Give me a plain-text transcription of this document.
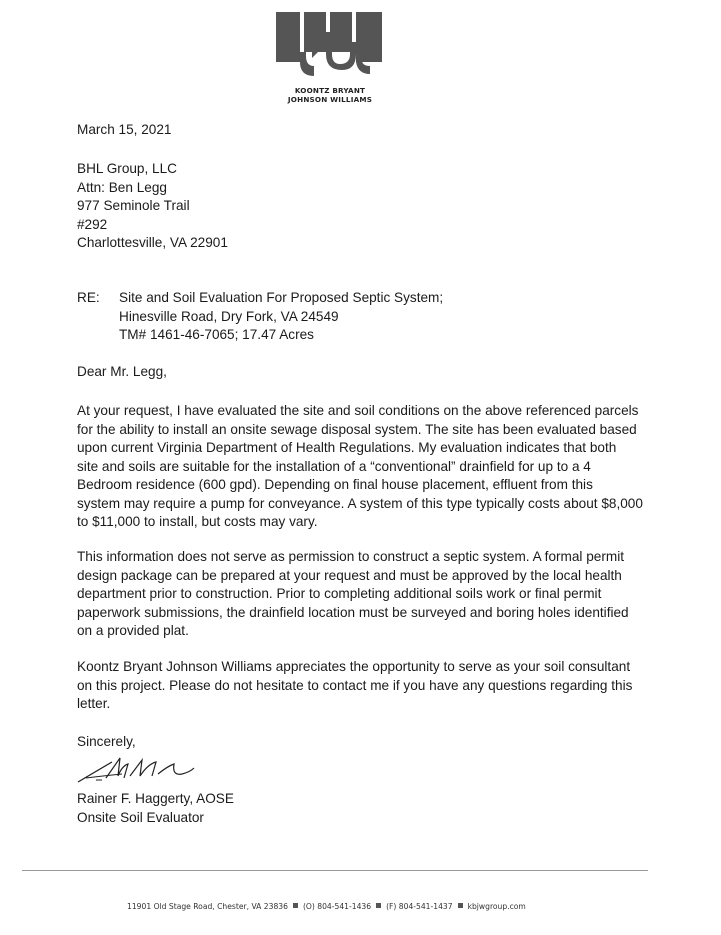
KOONTZ BRYANT
JOHNSON WILLIAMS
March 15, 2021
BHL Group, LLC
Attn: Ben Legg
977 Seminole Trail
#292
Charlottesville, VA 22901
RE: Site and Soil Evaluation For Proposed Septic System;
Hinesville Road, Dry Fork, VA 24549
TM# 1461-46-7065; 17.47 Acres
Dear Mr. Legg,
At your request, I have evaluated the site and soil conditions on the above referenced parcels
for the ability to install an onsite sewage disposal system. The site has been evaluated based
upon current Virginia Department of Health Regulations. My evaluation indicates that both
site and soils are suitable for the installation of a “conventional” drainfield for up to a 4
Bedroom residence (600 gpd). Depending on final house placement, effluent from this
system may require a pump for conveyance. A system of this type typically costs about $8,000
to $11,000 to install, but costs may vary.
This information does not serve as permission to construct a septic system. A formal permit
design package can be prepared at your request and must be approved by the local health
department prior to construction. Prior to completing additional soils work or final permit
paperwork submissions, the drainfield location must be surveyed and boring holes identified
on a provided plat.
Koontz Bryant Johnson Williams appreciates the opportunity to serve as your soil consultant
on this project. Please do not hesitate to contact me if you have any questions regarding this
letter.
Sincerely,
Rainer F. Haggerty, AOSE
Onsite Soil Evaluator
11901 Old Stage Road, Chester, VA 23836 (O) 804-541-1436 (F) 804-541-1437 kbjwgroup.com
